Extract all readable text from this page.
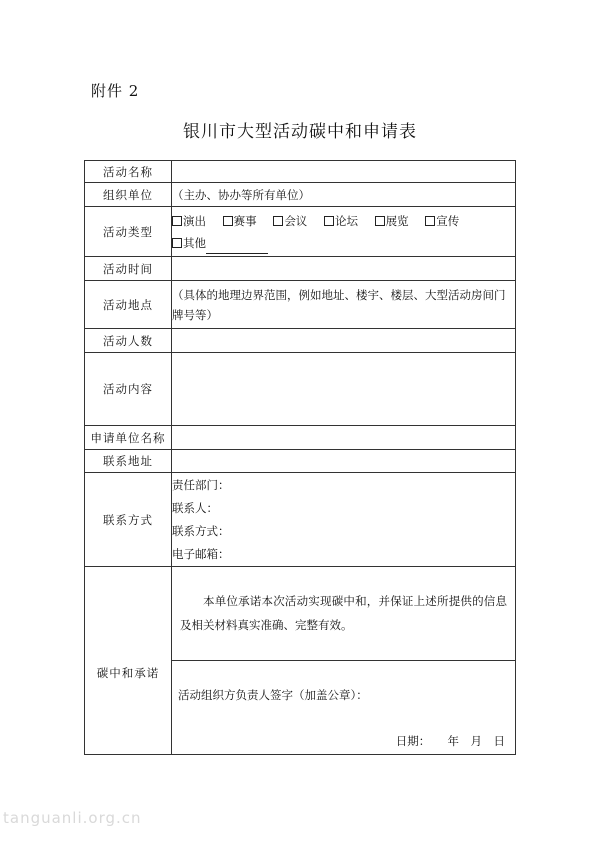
附件 2
银川市大型活动碳中和申请表
活动名称	
组织单位	（主办、协办等所有单位）
活动类型	演出 赛事 会议 论坛 展览 宣传
其他

活动时间	
活动地点	（具体的地理边界范围，例如地址、楼宇、楼层、大型活动房间门牌号等）
活动人数	
活动内容	
申请单位名称	
联系地址	
联系方式	责任部门：
联系人：
联系方式：
电子邮箱：

碳中和承诺	本单位承诺本次活动实现碳中和，并保证上述所提供的信息及相关材料真实准确、完整有效。

	活动组织方负责人签字（加盖公章）：
日期：　　年　月　日
tanguanli.org.cn
